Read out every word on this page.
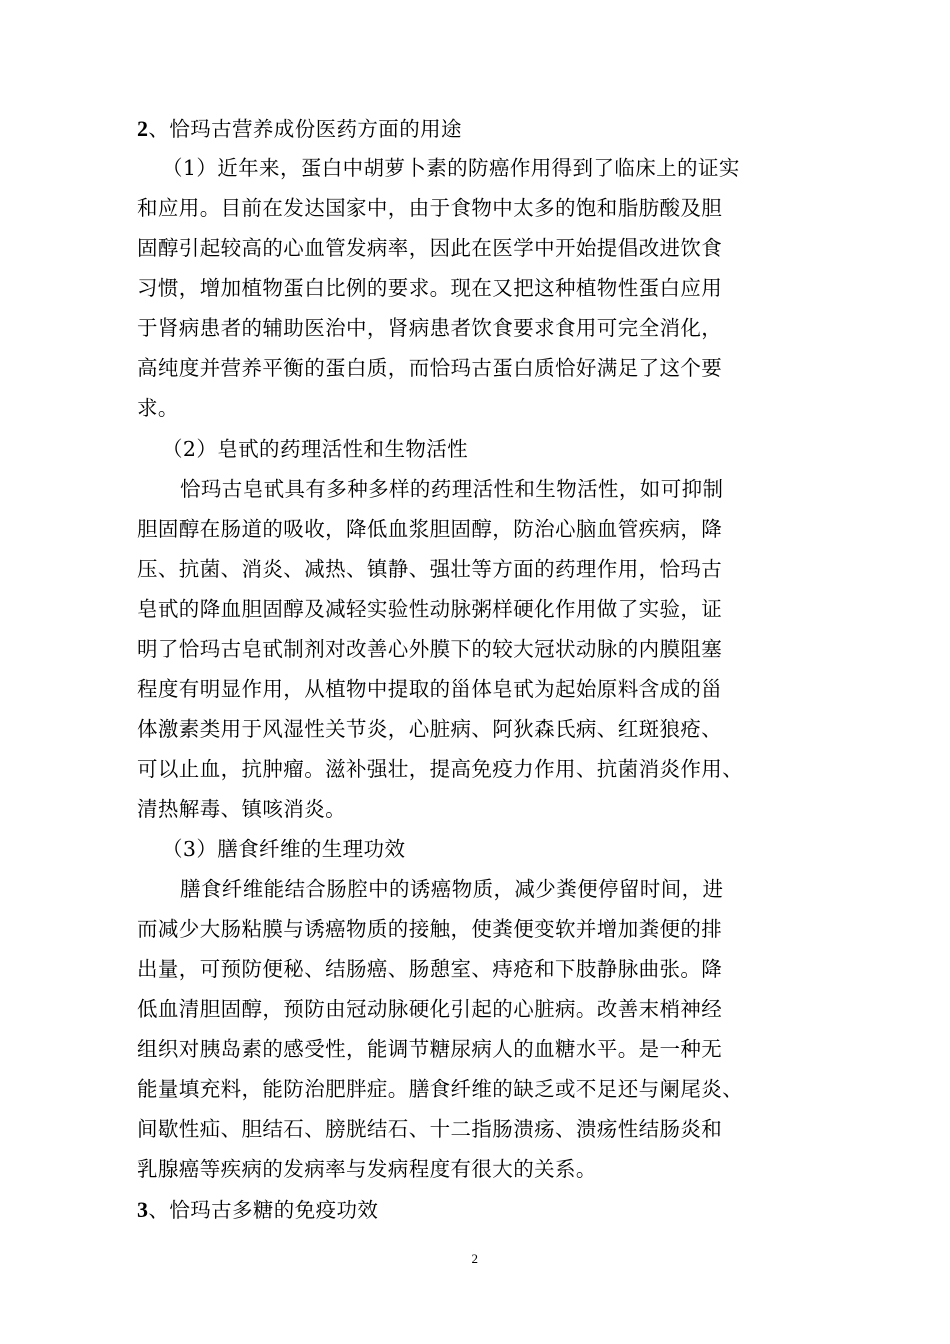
2、恰玛古营养成份医药方面的用途
（1）近年来，蛋白中胡萝卜素的防癌作用得到了临床上的证实
和应用。目前在发达国家中，由于食物中太多的饱和脂肪酸及胆
固醇引起较高的心血管发病率，因此在医学中开始提倡改进饮食
习惯，增加植物蛋白比例的要求。现在又把这种植物性蛋白应用
于肾病患者的辅助医治中，肾病患者饮食要求食用可完全消化，
高纯度并营养平衡的蛋白质，而恰玛古蛋白质恰好满足了这个要
求。
（2）皂甙的药理活性和生物活性
恰玛古皂甙具有多种多样的药理活性和生物活性，如可抑制
胆固醇在肠道的吸收，降低血浆胆固醇，防治心脑血管疾病，降
压、抗菌、消炎、减热、镇静、强壮等方面的药理作用，恰玛古
皂甙的降血胆固醇及减轻实验性动脉粥样硬化作用做了实验，证
明了恰玛古皂甙制剂对改善心外膜下的较大冠状动脉的内膜阻塞
程度有明显作用，从植物中提取的甾体皂甙为起始原料含成的甾
体激素类用于风湿性关节炎，心脏病、阿狄森氏病、红斑狼疮、
可以止血，抗肿瘤。滋补强壮，提高免疫力作用、抗菌消炎作用、
清热解毒、镇咳消炎。
（3）膳食纤维的生理功效
膳食纤维能结合肠腔中的诱癌物质，减少粪便停留时间，进
而减少大肠粘膜与诱癌物质的接触，使粪便变软并增加粪便的排
出量，可预防便秘、结肠癌、肠憩室、痔疮和下肢静脉曲张。降
低血清胆固醇，预防由冠动脉硬化引起的心脏病。改善末梢神经
组织对胰岛素的感受性，能调节糖尿病人的血糖水平。是一种无
能量填充料，能防治肥胖症。膳食纤维的缺乏或不足还与阑尾炎、
间歇性疝、胆结石、膀胱结石、十二指肠溃疡、溃疡性结肠炎和
乳腺癌等疾病的发病率与发病程度有很大的关系。
3、恰玛古多糖的免疫功效
2
